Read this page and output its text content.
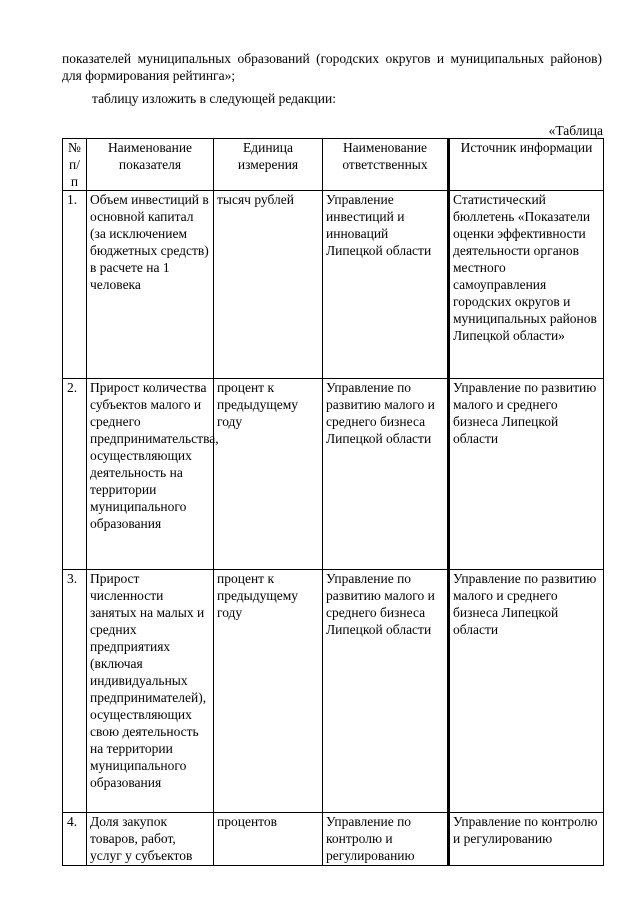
показателей муниципальных образований (городских округов и муниципальных районов) для формирования рейтинга»;
таблицу изложить в следующей редакции:
«Таблица
№ п/п	Наименование показателя	Единица измерения	Наименование ответственных	Источник информации
1.	Объем инвестиций в основной капитал (за исключением бюджетных средств) в расчете на 1 человека	тысяч рублей	Управление инвестиций и инноваций Липецкой области	Статистический бюллетень «Показатели оценки эффективности деятельности органов местного самоуправления городских округов и муниципальных районов Липецкой области»
2.	Прирост количества субъектов малого и среднего предпринимательства, осуществляющих деятельность на территории муниципального образования	процент к предыдущему году	Управление по развитию малого и среднего бизнеса Липецкой области	Управление по развитию малого и среднего бизнеса Липецкой области
3.	Прирост численности занятых на малых и средних предприятиях (включая индивидуальных предпринимателей), осуществляющих свою деятельность на территории муниципального образования	процент к предыдущему году	Управление по развитию малого и среднего бизнеса Липецкой области	Управление по развитию малого и среднего бизнеса Липецкой области
4.	Доля закупок товаров, работ, услуг у субъектов	процентов	Управление по контролю и регулированию	Управление по контролю и регулированию
